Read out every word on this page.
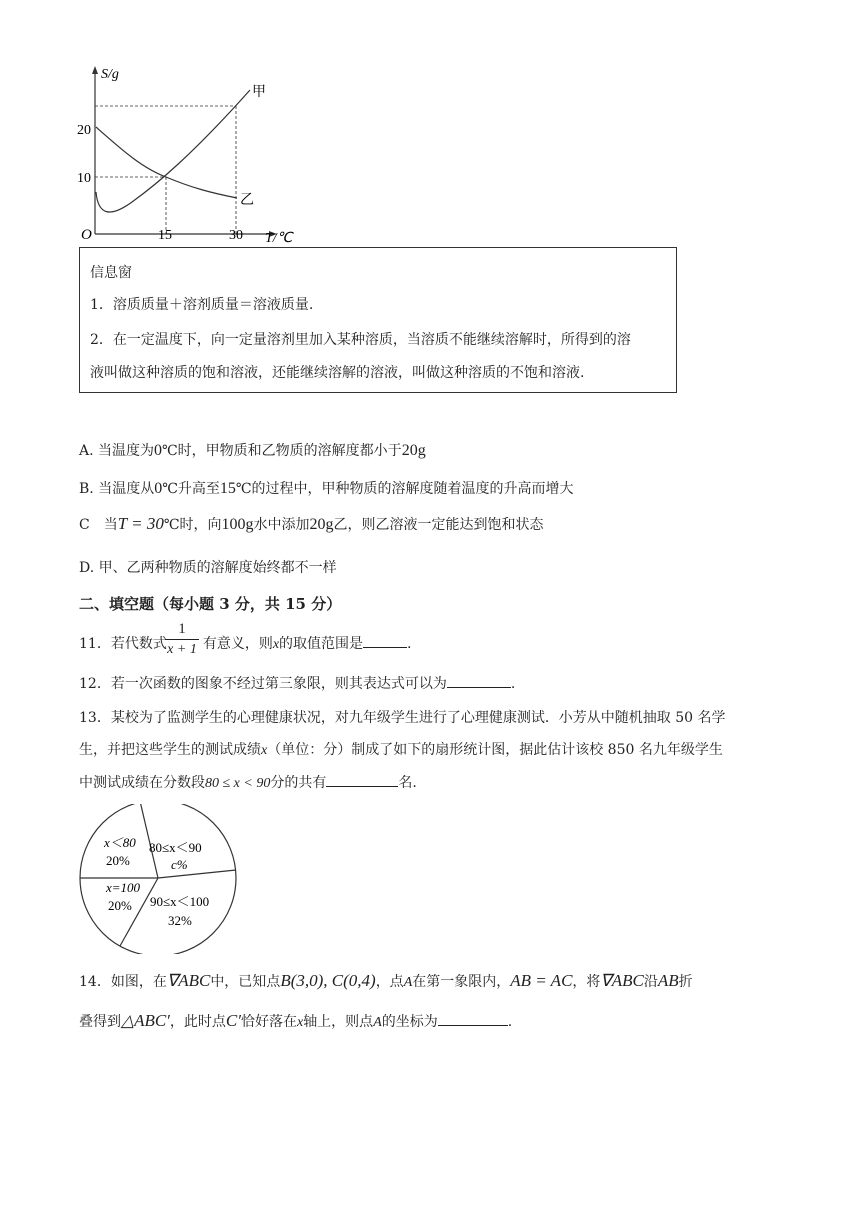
S/g
T/℃
O
20
10
15	30
甲
乙
信息窗
1．溶质质量＋溶剂质量＝溶液质量.
2．在一定温度下，向一定量溶剂里加入某种溶质，当溶质不能继续溶解时，所得到的溶
液叫做这种溶质的饱和溶液，还能继续溶解的溶液，叫做这种溶质的不饱和溶液.
A. 当温度为0℃时，甲物质和乙物质的溶解度都小于20g
B. 当温度从0℃升高至15℃的过程中，甲种物质的溶解度随着温度的升高而增大
C　当T = 30℃时，向100g水中添加20g乙，则乙溶液一定能达到饱和状态
D. 甲、乙两种物质的溶解度始终都不一样
二、填空题（每小题 3 分，共 15 分）
11．若代数式	有意义，则x的取值范围是	.
$\frac{1}{x + 1}$
12．若一次函数的图象不经过第三象限，则其表达式可以为	.
13．某校为了监测学生的心理健康状况，对九年级学生进行了心理健康测试．小芳从中随机抽取 50 名学
生，并把这些学生的测试成绩x（单位：分）制成了如下的扇形统计图，据此估计该校 850 名九年级学生
中测试成绩在分数段80 ≤ x < 90分的共有	名.
x＜80
20%
80≤x＜90
c%
x=100
20% 90≤x＜100
32%
14．如图，在∇ABC中，已知点B(3,0), C(0,4)，点A在第一象限内，AB = AC，将∇ABC沿AB折
叠得到△ABC′，此时点C′恰好落在x轴上，则点A的坐标为	.
